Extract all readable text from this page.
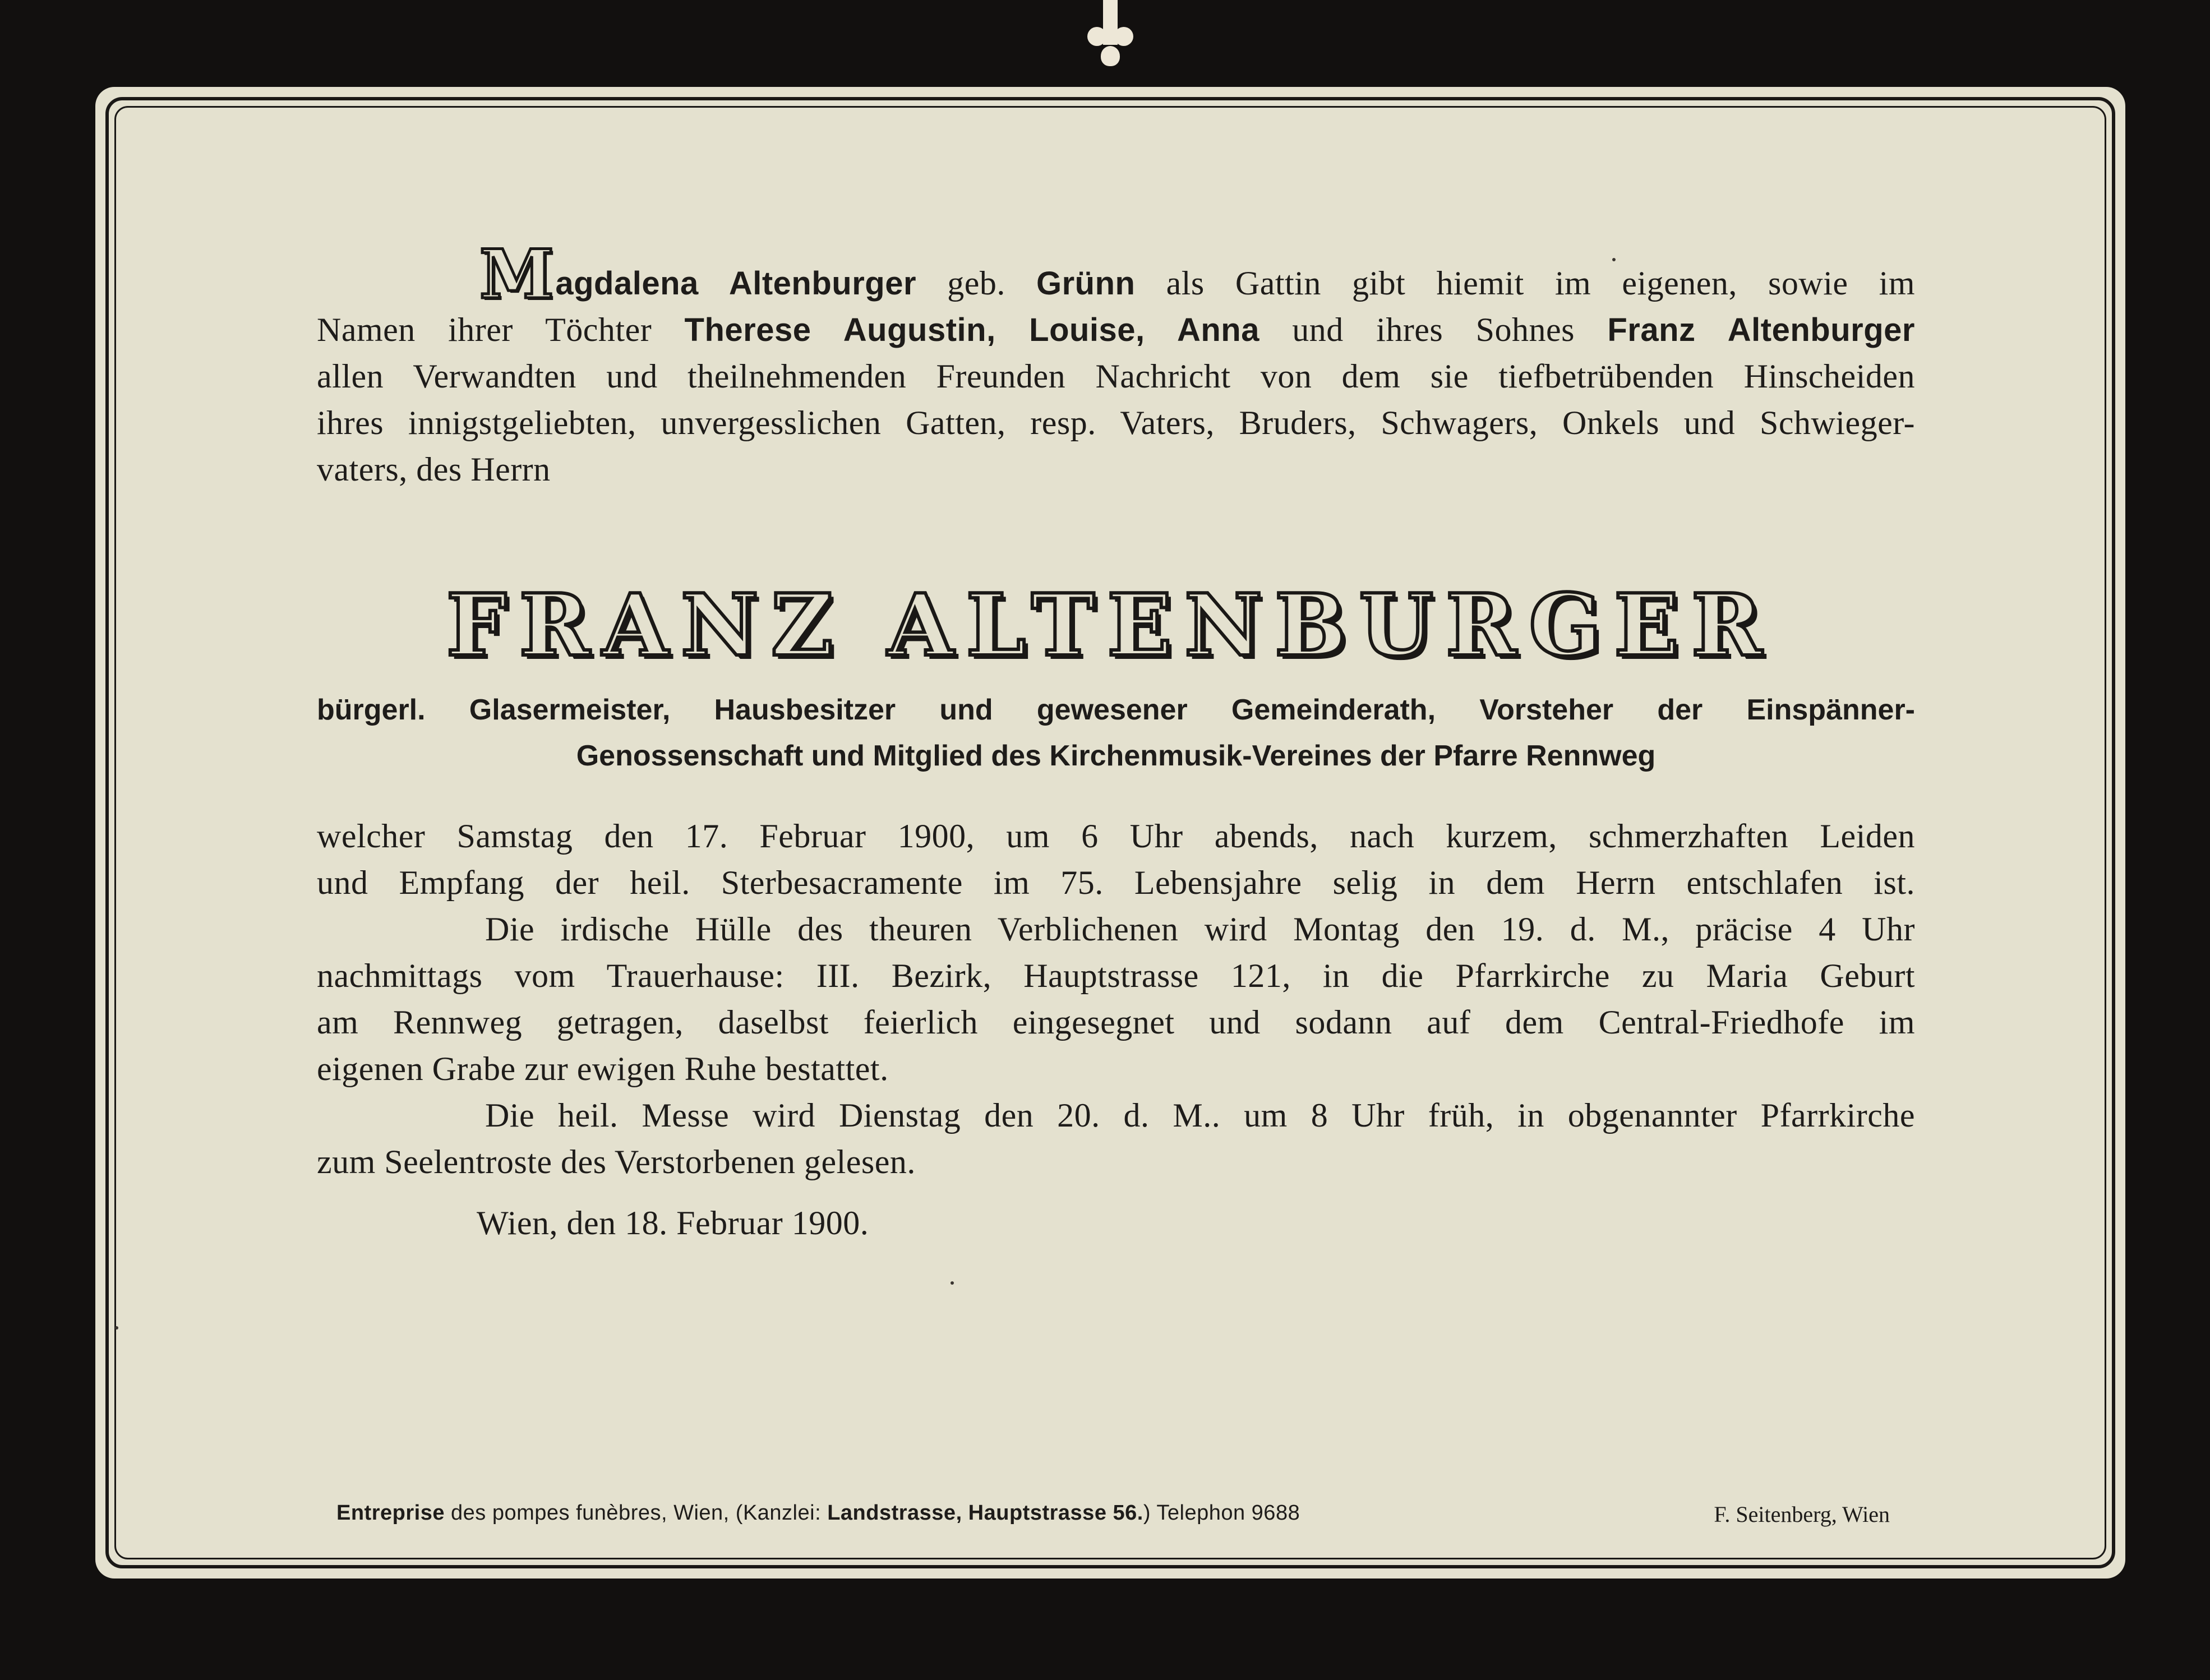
Magdalena Altenburger geb. Grünn als Gattin gibt hiemit im eigenen, sowie im
Namen ihrer Töchter Therese Augustin, Louise, Anna und ihres Sohnes Franz Altenburger
allen Verwandten und theilnehmenden Freunden Nachricht von dem sie tiefbetrübenden Hinscheiden
ihres innigstgeliebten, unvergesslichen Gatten, resp. Vaters, Bruders, Schwagers, Onkels und Schwieger-
vaters, des Herrn
FRANZ ALTENBURGER
bürgerl. Glasermeister, Hausbesitzer und gewesener Gemeinderath, Vorsteher der Einspänner-
Genossenschaft und Mitglied des Kirchenmusik-Vereines der Pfarre Rennweg
welcher Samstag den 17. Februar 1900, um 6 Uhr abends, nach kurzem, schmerzhaften Leiden
und Empfang der heil. Sterbesacramente im 75. Lebensjahre selig in dem Herrn entschlafen ist.
Die irdische Hülle des theuren Verblichenen wird Montag den 19. d. M., präcise 4 Uhr
nachmittags vom Trauerhause: III. Bezirk, Hauptstrasse 121, in die Pfarrkirche zu Maria Geburt
am Rennweg getragen, daselbst feierlich eingesegnet und sodann auf dem Central-Friedhofe im
eigenen Grabe zur ewigen Ruhe bestattet.
Die heil. Messe wird Dienstag den 20. d. M.. um 8 Uhr früh, in obgenannter Pfarrkirche
zum Seelentroste des Verstorbenen gelesen.
Wien, den 18. Februar 1900.
Entreprise des pompes funèbres, Wien, (Kanzlei: Landstrasse, Hauptstrasse 56.) Telephon 9688	F. Seitenberg, Wien
